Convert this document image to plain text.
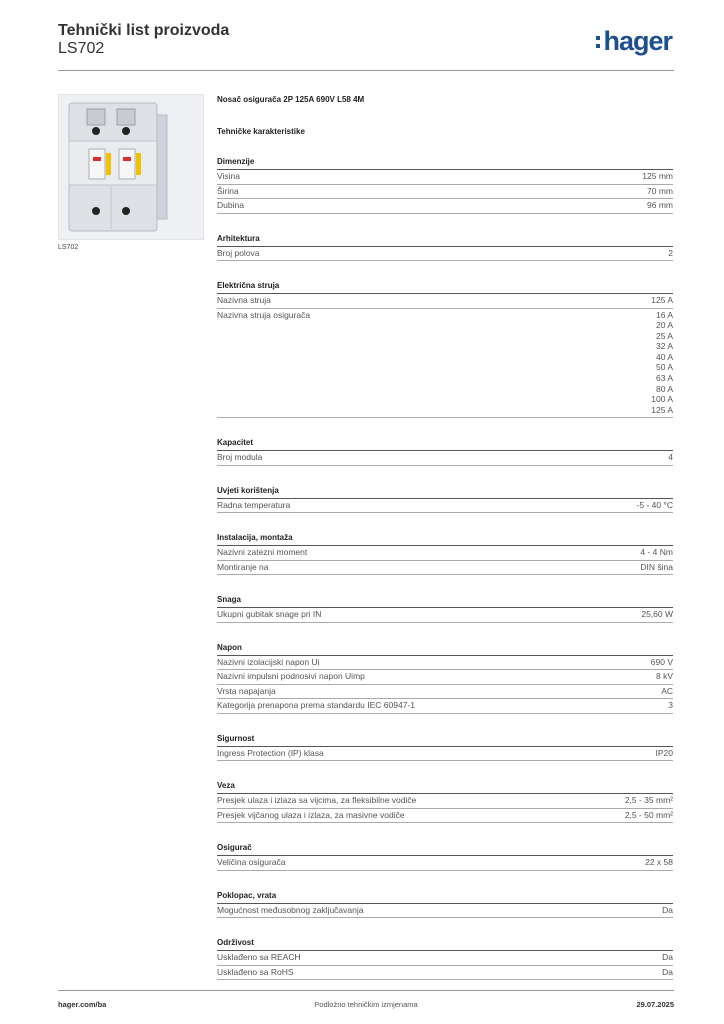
Tehnički list proizvoda
LS702	hager
LS702
Nosač osigurača 2P 125A 690V L58 4M
Tehničke karakteristike
Dimenzije
Visina	125 mm
Širina	70 mm
Dubina	96 mm
Arhitektura
Broj polova	2
Električna struja
Nazivna struja	125 A
Nazivna struja osigurača	16 A
20 A
25 A
32 A
40 A
50 A
63 A
80 A
100 A
125 A
Kapacitet
Broj modula	4
Uvjeti korištenja
Radna temperatura	-5 - 40 °C
Instalacija, montaža
Nazivni zatezni moment	4 - 4 Nm
Montiranje na	DIN šina
Snaga
Ukupni gubitak snage pri IN	25,60 W
Napon
Nazivni izolacijski napon Ui	690 V
Nazivni impulsni podnosivi napon Uimp	8 kV
Vrsta napajanja	AC
Kategorija prenapona prema standardu IEC 60947-1	3
Sigurnost
Ingress Protection (IP) klasa	IP20
Veza
Presjek ulaza i izlaza sa vijcima, za fleksibilne vodiče	2,5 - 35 mm²
Presjek vijčanog ulaza i izlaza, za masivne vodiče	2,5 - 50 mm²
Osigurač
Veličina osigurača	22 x 58
Poklopac, vrata
Mogućnost međusobnog zaključavanja	Da
Održivost
Usklađeno sa REACH	Da
Usklađeno sa RoHS	Da
hager.com/ba	Podložno tehničkim izmjenama	29.07.2025
